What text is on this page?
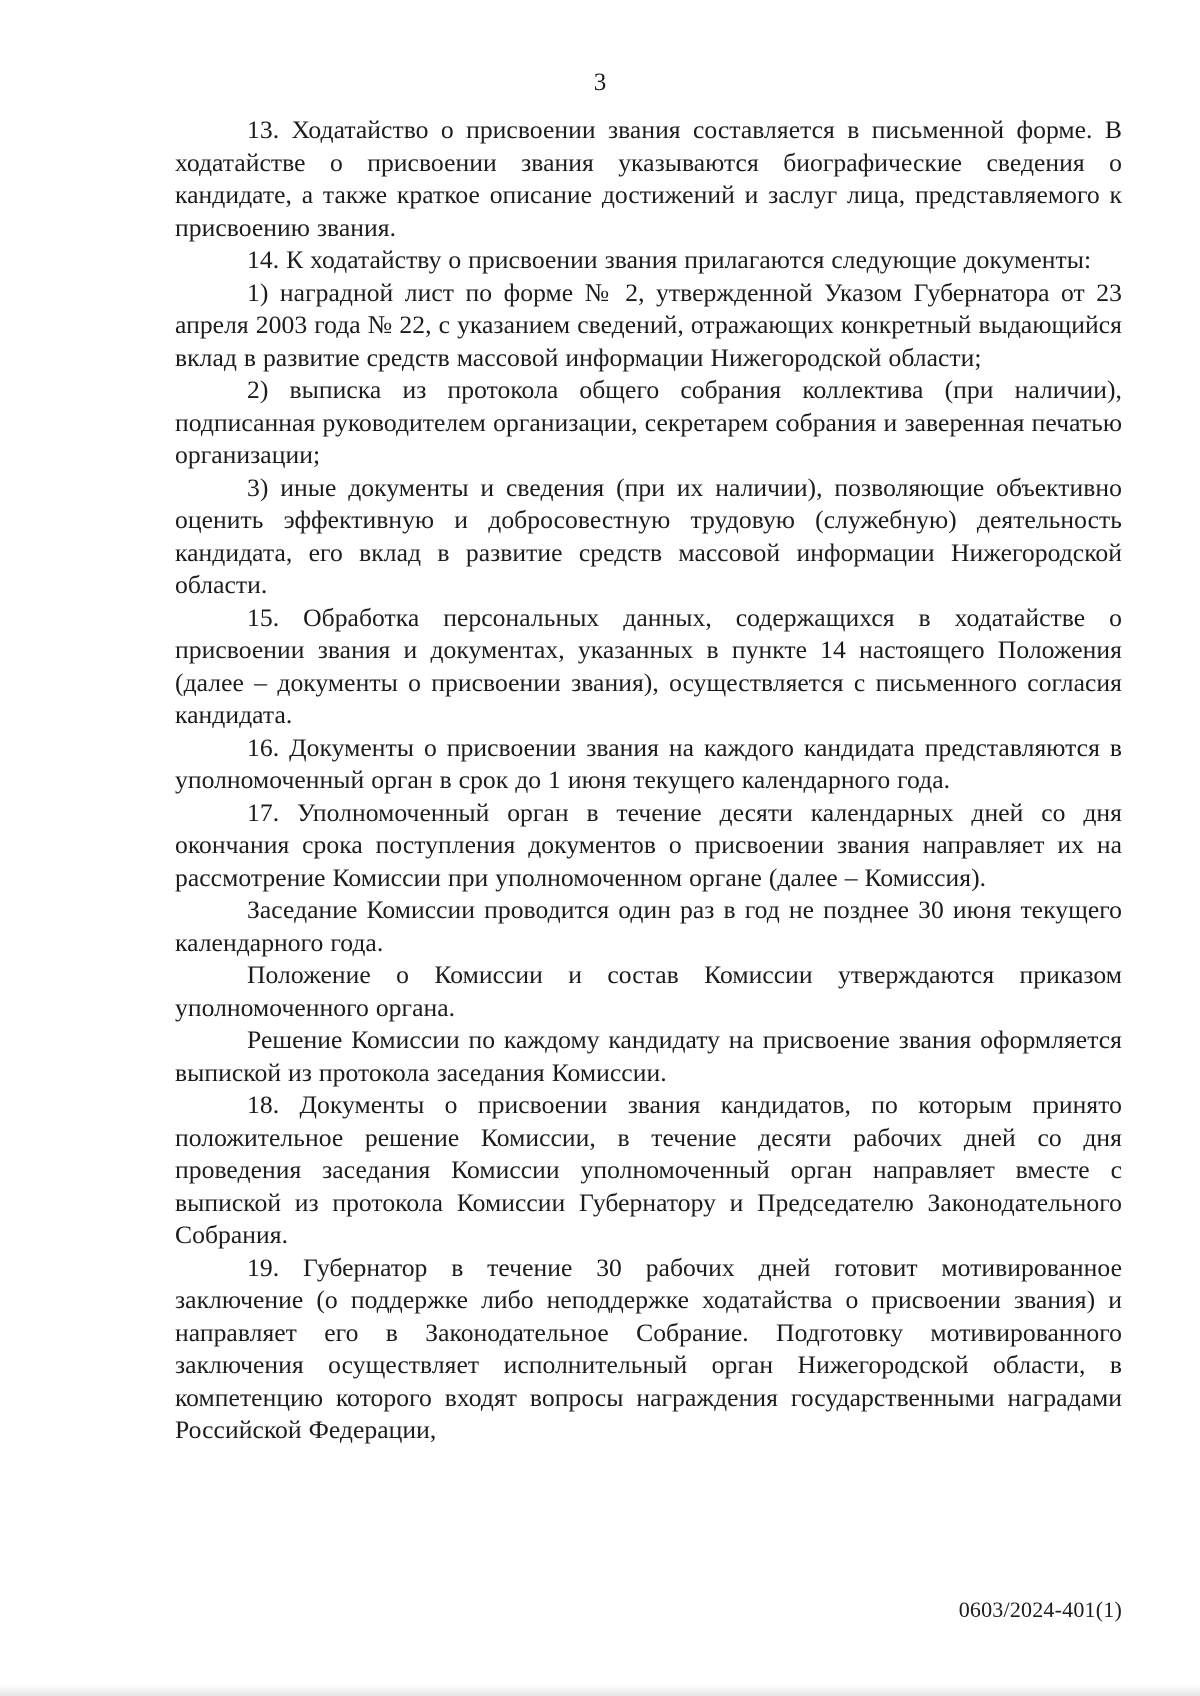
3

13. Ходатайство о присвоении звания составляется в письменной форме. В ходатайстве о присвоении звания указываются биографические сведения о кандидате, а также краткое описание достижений и заслуг лица, представляемого к присвоению звания.

14. К ходатайству о присвоении звания прилагаются следующие документы:

1) наградной лист по форме № 2, утвержденной Указом Губернатора от 23 апреля 2003 года № 22, с указанием сведений, отражающих конкретный выдающийся вклад в развитие средств массовой информации Нижегородской области;

2) выписка из протокола общего собрания коллектива (при наличии), подписанная руководителем организации, секретарем собрания и заверенная печатью организации;

3) иные документы и сведения (при их наличии), позволяющие объективно оценить эффективную и добросовестную трудовую (служебную) деятельность кандидата, его вклад в развитие средств массовой информации Нижегородской области.

15. Обработка персональных данных, содержащихся в ходатайстве о присвоении звания и документах, указанных в пункте 14 настоящего Положения (далее – документы о присвоении звания), осуществляется с письменного согласия кандидата.

16. Документы о присвоении звания на каждого кандидата представляются в уполномоченный орган в срок до 1 июня текущего календарного года.

17. Уполномоченный орган в течение десяти календарных дней со дня окончания срока поступления документов о присвоении звания направляет их на рассмотрение Комиссии при уполномоченном органе (далее – Комиссия).

Заседание Комиссии проводится один раз в год не позднее 30 июня текущего календарного года.

Положение о Комиссии и состав Комиссии утверждаются приказом уполномоченного органа.

Решение Комиссии по каждому кандидату на присвоение звания оформляется выпиской из протокола заседания Комиссии.

18. Документы о присвоении звания кандидатов, по которым принято положительное решение Комиссии, в течение десяти рабочих дней со дня проведения заседания Комиссии уполномоченный орган направляет вместе с выпиской из протокола Комиссии Губернатору и Председателю Законодательного Собрания.

19. Губернатор в течение 30 рабочих дней готовит мотивированное заключение (о поддержке либо неподдержке ходатайства о присвоении звания) и направляет его в Законодательное Собрание. Подготовку мотивированного заключения осуществляет исполнительный орган Нижегородской области, в компетенцию которого входят вопросы награждения государственными наградами Российской Федерации,

0603/2024-401(1)
